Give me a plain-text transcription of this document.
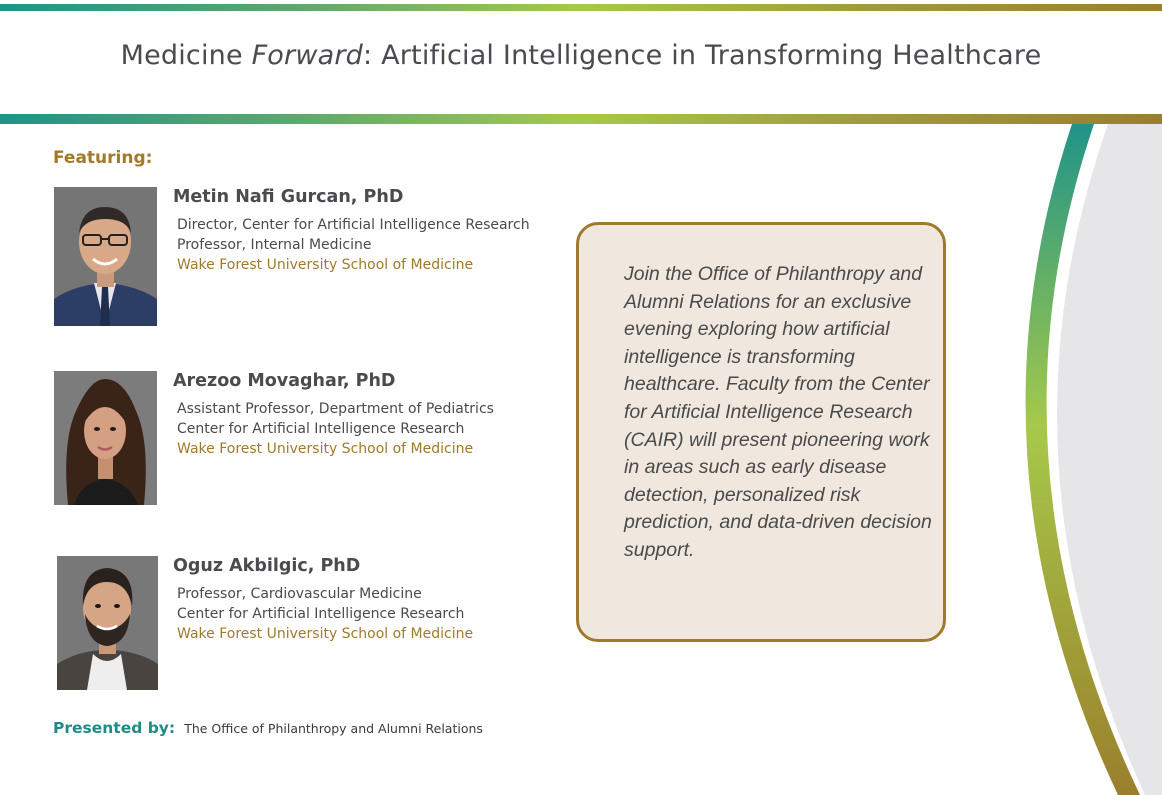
Medicine Forward: Artificial Intelligence in Transforming Healthcare
Featuring:
Metin Nafi Gurcan, PhD
Director, Center for Artificial Intelligence Research
Professor, Internal Medicine
Wake Forest University School of Medicine
Arezoo Movaghar, PhD
Assistant Professor, Department of Pediatrics
Center for Artificial Intelligence Research
Wake Forest University School of Medicine
Oguz Akbilgic, PhD
Professor, Cardiovascular Medicine
Center for Artificial Intelligence Research
Wake Forest University School of Medicine
Presented by: The Office of Philanthropy and Alumni Relations

Join the Office of Philanthropy and Alumni Relations for an exclusive evening exploring how artificial intelligence is transforming healthcare. Faculty from the Center for Artificial Intelligence Research (CAIR) will present pioneering work in areas such as early disease detection, personalized risk prediction, and data-driven decision support.
